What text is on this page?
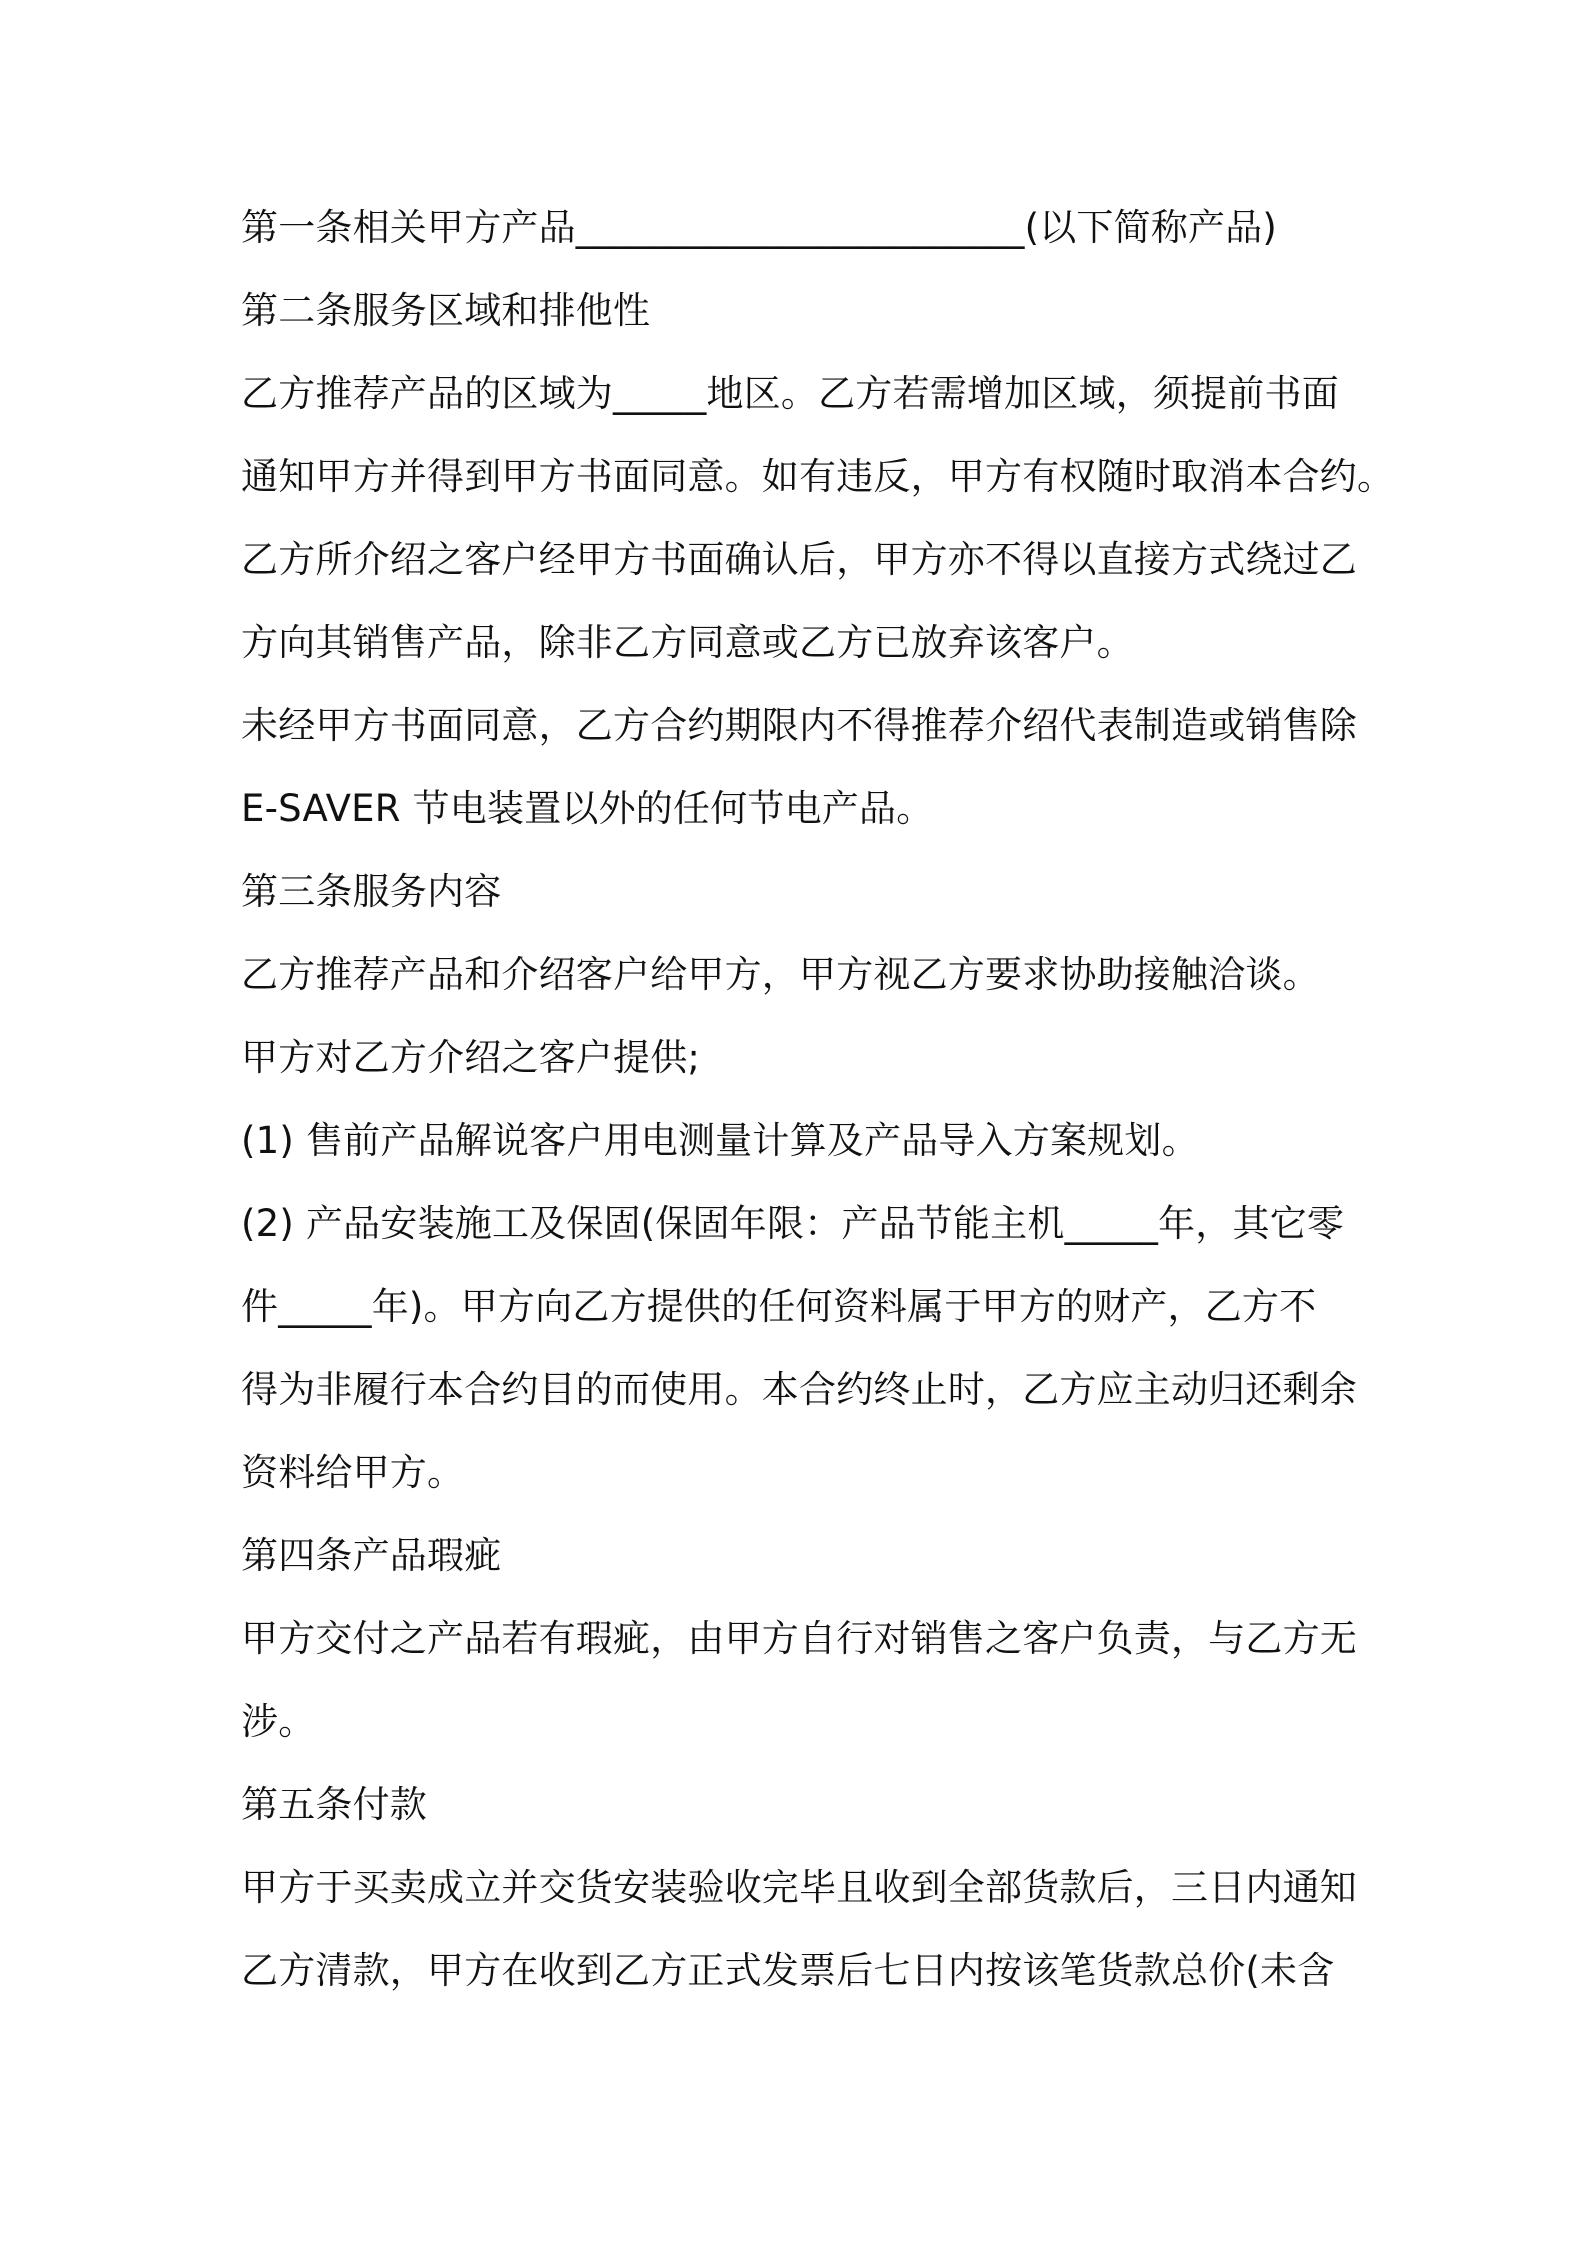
第一条相关甲方产品________________________(以下简称产品)
第二条服务区域和排他性
乙方推荐产品的区域为_____地区。乙方若需增加区域，须提前书面
通知甲方并得到甲方书面同意。如有违反，甲方有权随时取消本合约。
乙方所介绍之客户经甲方书面确认后，甲方亦不得以直接方式绕过乙
方向其销售产品，除非乙方同意或乙方已放弃该客户。
未经甲方书面同意，乙方合约期限内不得推荐介绍代表制造或销售除
E-SAVER 节电装置以外的任何节电产品。
第三条服务内容
乙方推荐产品和介绍客户给甲方，甲方视乙方要求协助接触洽谈。
甲方对乙方介绍之客户提供;
(1) 售前产品解说客户用电测量计算及产品导入方案规划。
(2) 产品安装施工及保固(保固年限：产品节能主机_____年，其它零
件_____年)。甲方向乙方提供的任何资料属于甲方的财产，乙方不
得为非履行本合约目的而使用。本合约终止时，乙方应主动归还剩余
资料给甲方。
第四条产品瑕疵
甲方交付之产品若有瑕疵，由甲方自行对销售之客户负责，与乙方无
涉。
第五条付款
甲方于买卖成立并交货安装验收完毕且收到全部货款后，三日内通知
乙方清款，甲方在收到乙方正式发票后七日内按该笔货款总价(未含
